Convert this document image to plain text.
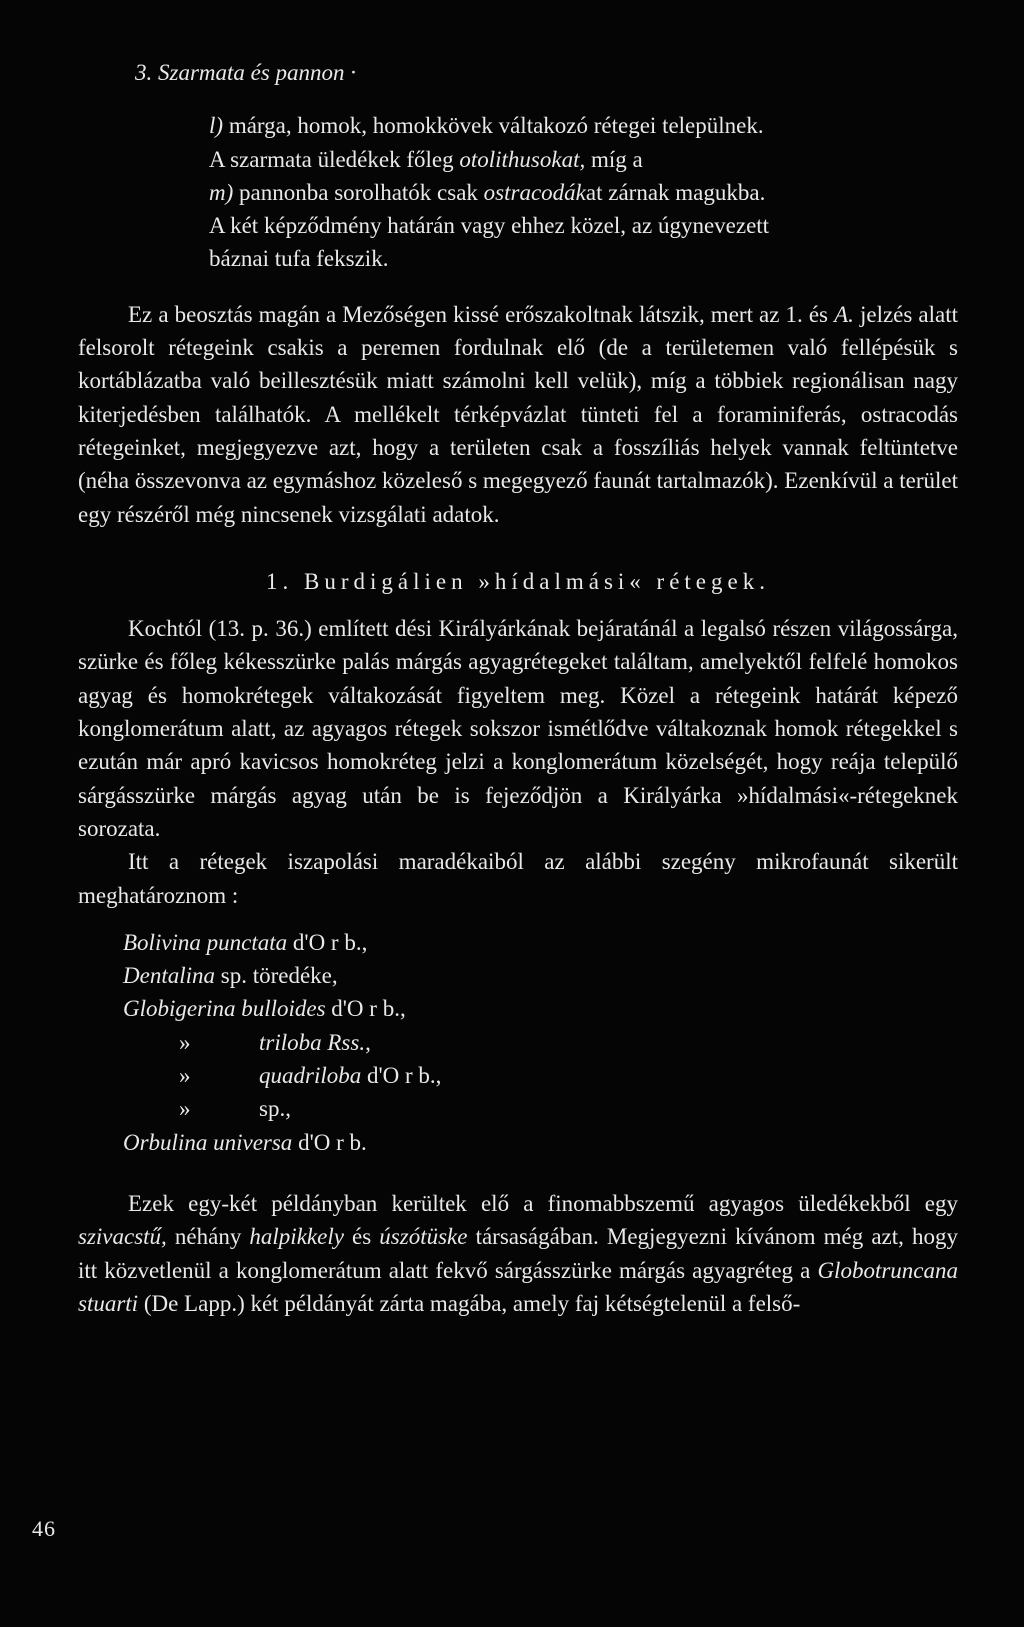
3. Szarmata és pannon ·

l) márga, homok, homokkövek váltakozó rétegei települnek.

A szarmata üledékek főleg otolithusokat, míg a

m) pannonba sorolhatók csak ostracodákat zárnak magukba.

A két képződmény határán vagy ehhez közel, az úgynevezett

báznai tufa fekszik.

Ez a beosztás magán a Mezőségen kissé erőszakoltnak látszik, mert az 1. és A. jelzés alatt felsorolt rétegeink csakis a peremen fordulnak elő (de a területemen való fellépésük s kortáblázatba való beillesztésük miatt számolni kell velük), míg a többiek regionálisan nagy kiterjedésben találhatók. A mellékelt térképvázlat tünteti fel a foraminiferás, ostracodás rétegeinket, megjegyezve azt, hogy a területen csak a fosszíliás helyek vannak feltüntetve (néha összevonva az egymáshoz közeleső s megegyező faunát tartalmazók). Ezenkívül a terület egy részéről még nincsenek vizsgálati adatok.

1. Burdigálien »hídalmási« rétegek.

Kochtól (13. p. 36.) említett dési Királyárkának bejáratánál a legalsó részen világossárga, szürke és főleg kékesszürke palás márgás agyagrétegeket találtam, amelyektől felfelé homokos agyag és homokrétegek váltakozását figyeltem meg. Közel a rétegeink határát képező konglomerátum alatt, az agyagos rétegek sokszor ismétlődve váltakoznak homok rétegekkel s ezután már apró kavicsos homokréteg jelzi a konglomerátum közelségét, hogy reája települő sárgásszürke márgás agyag után be is fejeződjön a Királyárka »hídalmási«-rétegeknek sorozata.

Itt a rétegek iszapolási maradékaiból az alábbi szegény mikrofaunát sikerült meghatároznom :

Bolivina punctata d'O r b.,

Dentalina sp. töredéke,

Globigerina bulloides d'O r b.,

»	triloba Rss.,

»	quadriloba d'O r b.,

»	sp.,

Orbulina universa d'O r b.

Ezek egy-két példányban kerültek elő a finomabbszemű agyagos üledékekből egy szivacstű, néhány halpikkely és úszótüske társaságában. Megjegyezni kívánom még azt, hogy itt közvetlenül a konglomerátum alatt fekvő sárgásszürke márgás agyagréteg a Globotruncana stuarti (De Lapp.) két példányát zárta magába, amely faj kétségtelenül a felső-

46
